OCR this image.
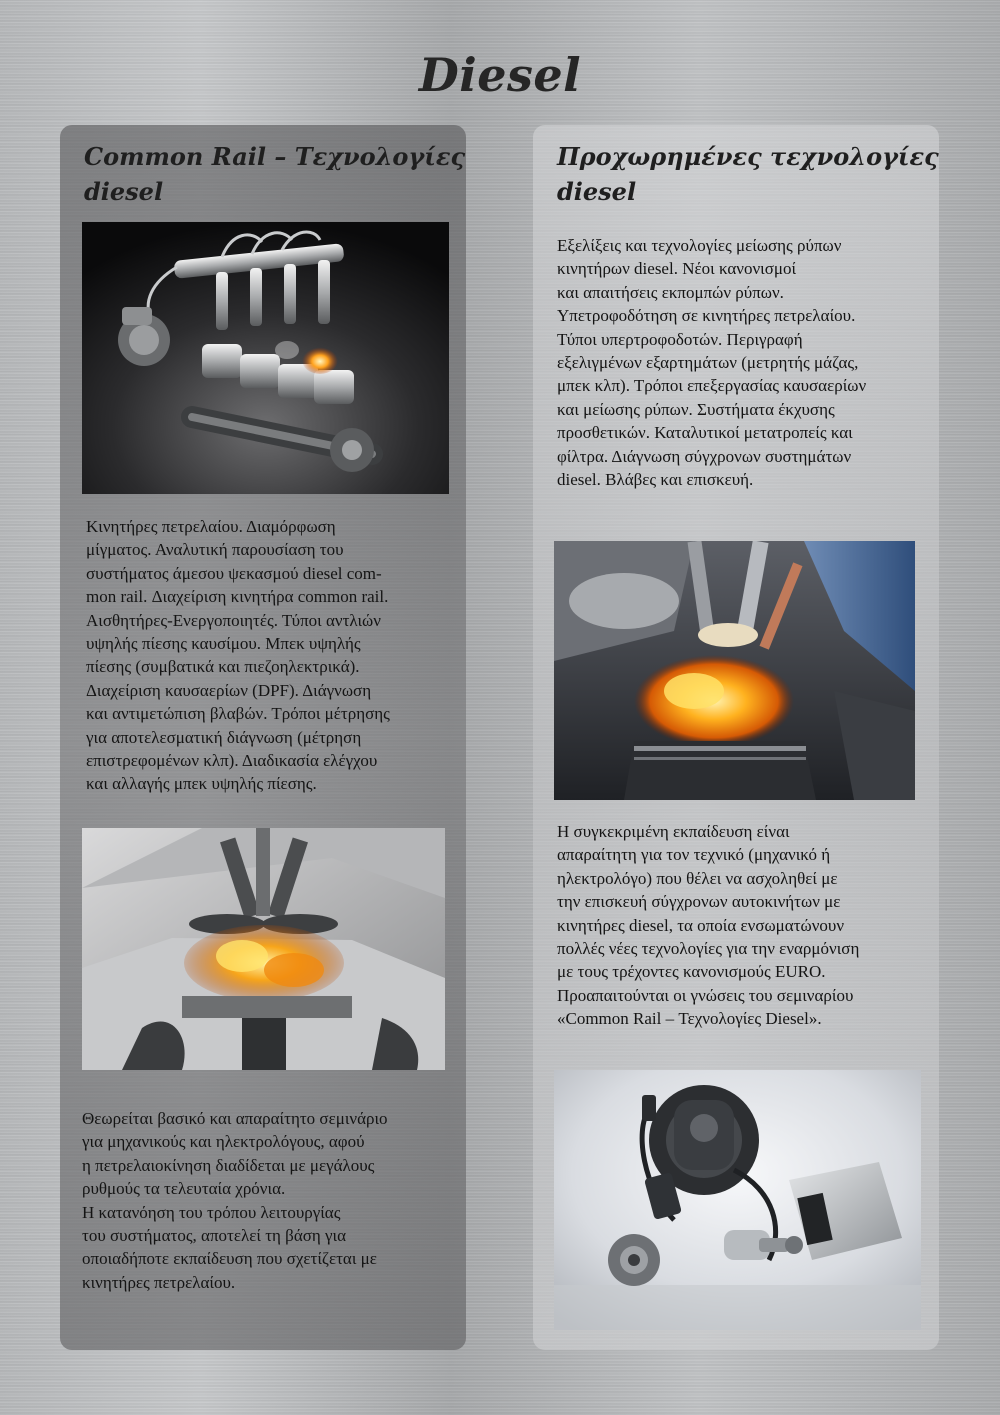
Diesel
Common Rail – Τεχνολογίες
diesel

Κινητήρες πετρελαίου. Διαμόρφωση
μίγματος. Αναλυτική παρουσίαση του
συστήματος άμεσου ψεκασμού diesel com-
mon rail. Διαχείριση κινητήρα common rail.
Αισθητήρες-Ενεργοποιητές. Τύποι αντλιών
υψηλής πίεσης καυσίμου. Μπεκ υψηλής
πίεσης (συμβατικά και πιεζοηλεκτρικά).
Διαχείριση καυσαερίων (DPF). Διάγνωση
και αντιμετώπιση βλαβών. Τρόποι μέτρησης
για αποτελεσματική διάγνωση (μέτρηση
επιστρεφομένων κλπ). Διαδικασία ελέγχου
και αλλαγής μπεκ υψηλής πίεσης.

Θεωρείται βασικό και απαραίτητο σεμινάριο
για μηχανικούς και ηλεκτρολόγους, αφού
η πετρελαιοκίνηση διαδίδεται με μεγάλους
ρυθμούς τα τελευταία χρόνια.
Η κατανόηση του τρόπου λειτουργίας
του συστήματος, αποτελεί τη βάση για
οποιαδήποτε εκπαίδευση που σχετίζεται με
κινητήρες πετρελαίου.

Προχωρημένες τεχνολογίες
diesel

Εξελίξεις και τεχνολογίες μείωσης ρύπων
κινητήρων diesel. Νέοι κανονισμοί
και απαιτήσεις εκπομπών ρύπων.
Υπετροφοδότηση σε κινητήρες πετρελαίου.
Τύποι υπερτροφοδοτών. Περιγραφή
εξελιγμένων εξαρτημάτων (μετρητής μάζας,
μπεκ κλπ). Τρόποι επεξεργασίας καυσαερίων
και μείωσης ρύπων. Συστήματα έκχυσης
προσθετικών. Καταλυτικοί μετατροπείς και
φίλτρα. Διάγνωση σύγχρονων συστημάτων
diesel. Βλάβες και επισκευή.

Η συγκεκριμένη εκπαίδευση είναι
απαραίτητη για τον τεχνικό (μηχανικό ή
ηλεκτρολόγο) που θέλει να ασχοληθεί με
την επισκευή σύγχρονων αυτοκινήτων με
κινητήρες diesel, τα οποία ενσωματώνουν
πολλές νέες τεχνολογίες για την εναρμόνιση
με τους τρέχοντες κανονισμούς EURO.
Προαπαιτούνται οι γνώσεις του σεμιναρίου
«Common Rail – Τεχνολογίες Diesel».
